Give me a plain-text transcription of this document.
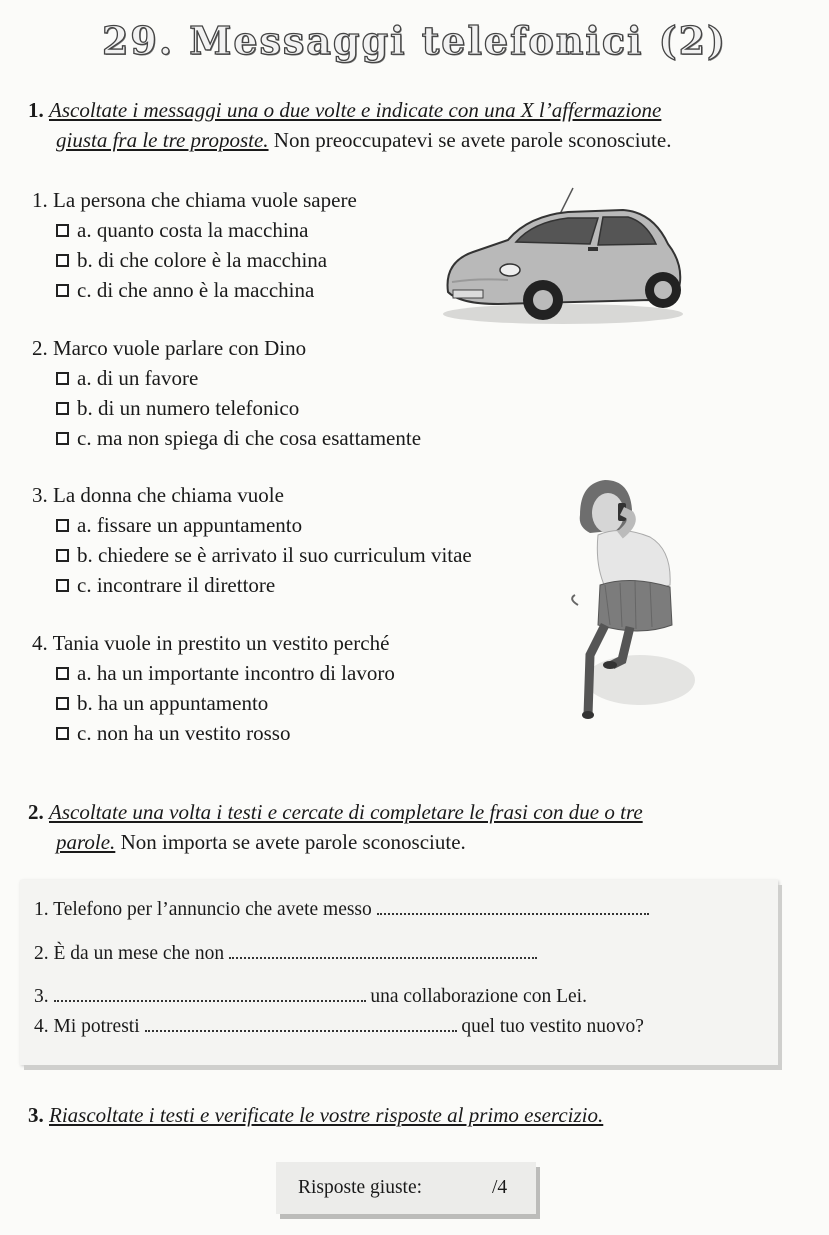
29. Messaggi telefonici (2)
1. Ascoltate i messaggi una o due volte e indicate con una X l’affermazione
giusta fra le tre proposte. Non preoccupatevi se avete parole sconosciute.
1. La persona che chiama vuole sapere
a. quanto costa la macchina
b. di che colore è la macchina
c. di che anno è la macchina
2. Marco vuole parlare con Dino
a. di un favore
b. di un numero telefonico
c. ma non spiega di che cosa esattamente
3. La donna che chiama vuole
a. fissare un appuntamento
b. chiedere se è arrivato il suo curriculum vitae
c. incontrare il direttore
4. Tania vuole in prestito un vestito perché
a. ha un importante incontro di lavoro
b. ha un appuntamento
c. non ha un vestito rosso
2. Ascoltate una volta i testi e cercate di completare le frasi con due o tre
parole. Non importa se avete parole sconosciute.
1. Telefono per l’annuncio che avete messo
2. È da un mese che non
3.	una collaborazione con Lei.
4. Mi potresti	quel tuo vestito nuovo?
3. Riascoltate i testi e verificate le vostre risposte al primo esercizio.
Risposte giuste:	/4
